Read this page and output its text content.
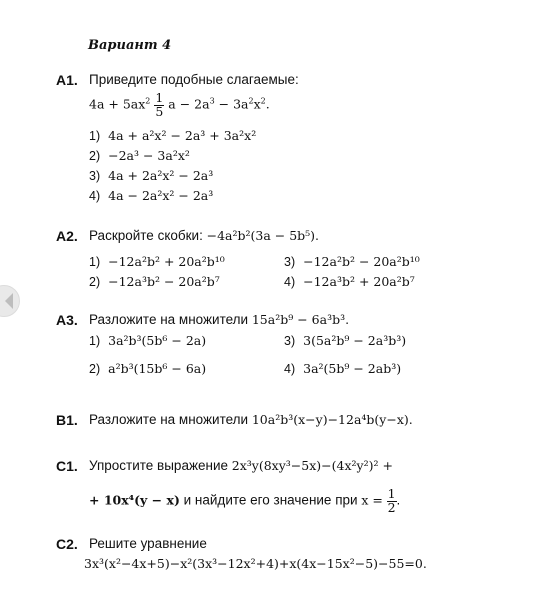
Вариант 4
А1. Приведите подобные слагаемые:
$4a + 5ax^2 \frac{1}{5}$ $a - 2a^3 - 3a^2x^2$.
1) 4a + a²x² − 2a³ + 3a²x²
2) −2a³ − 3a²x²
3) 4a + 2a²x² − 2a³
4) 4a − 2a²x² − 2a³
А2. Раскройте скобки: −4a²b²(3a − 5b⁵).
1) −12a²b² + 20a²b¹⁰
2) −12a³b² − 20a²b⁷
3) −12a²b² − 20a²b¹⁰
4) −12a³b² + 20a²b⁷
А3. Разложите на множители 15a²b⁹ − 6a³b³.
1) 3a²b³(5b⁶ − 2a)
2) a²b³(15b⁶ − 6a)
3) 3(5a²b⁹ − 2a³b³)
4) 3a²(5b⁹ − 2ab³)
В1. Разложите на множители 10a²b³(x−y)−12a⁴b(y−x).
С1. Упростите выражение 2x³y(8xy³−5x)−(4x²y²)² +
+ 10x⁴(y − x) и найдите его значение при $x = \frac{1}{2}$ .
С2. Решите уравнение
3x³(x²−4x+5)−x²(3x³−12x²+4)+x(4x−15x²−5)−55=0.
